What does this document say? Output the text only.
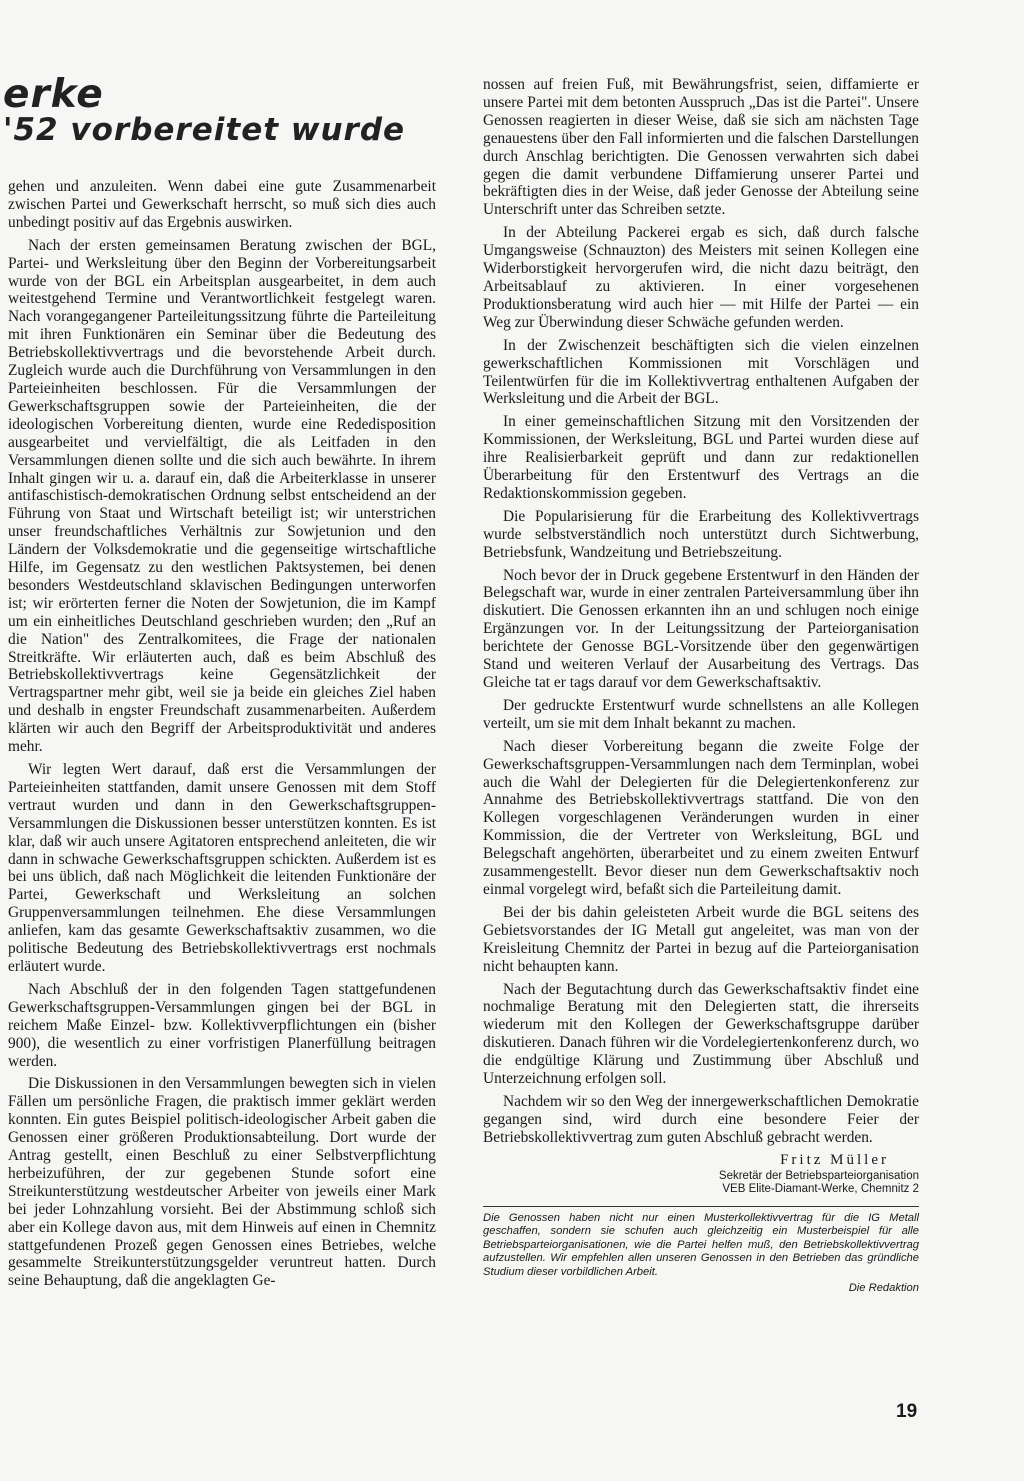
erke
'52 vorbereitet wurde

gehen und anzuleiten. Wenn dabei eine gute Zusammenarbeit zwischen Partei und Gewerkschaft herrscht, so muß sich dies auch unbedingt positiv auf das Ergebnis auswirken.

Nach der ersten gemeinsamen Beratung zwischen der BGL, Partei- und Werksleitung über den Beginn der Vorbereitungsarbeit wurde von der BGL ein Arbeitsplan ausgearbeitet, in dem auch weitestgehend Termine und Verantwortlichkeit festgelegt waren. Nach vorangegangener Parteileitungssitzung führte die Parteileitung mit ihren Funktionären ein Seminar über die Bedeutung des Betriebskollektivvertrags und die bevorstehende Arbeit durch. Zugleich wurde auch die Durchführung von Versammlungen in den Parteieinheiten beschlossen. Für die Versammlungen der Gewerkschaftsgruppen sowie der Parteieinheiten, die der ideologischen Vorbereitung dienten, wurde eine Rededisposition ausgearbeitet und vervielfältigt, die als Leitfaden in den Versammlungen dienen sollte und die sich auch bewährte. In ihrem Inhalt gingen wir u. a. darauf ein, daß die Arbeiterklasse in unserer antifaschistisch-demokratischen Ordnung selbst entscheidend an der Führung von Staat und Wirtschaft beteiligt ist; wir unterstrichen unser freundschaftliches Verhältnis zur Sowjetunion und den Ländern der Volksdemokratie und die gegenseitige wirtschaftliche Hilfe, im Gegensatz zu den westlichen Paktsystemen, bei denen besonders Westdeutschland sklavischen Bedingungen unterworfen ist; wir erörterten ferner die Noten der Sowjetunion, die im Kampf um ein einheitliches Deutschland geschrieben wurden; den „Ruf an die Nation" des Zentralkomitees, die Frage der nationalen Streitkräfte. Wir erläuterten auch, daß es beim Abschluß des Betriebskollektivvertrags keine Gegensätzlichkeit der Vertragspartner mehr gibt, weil sie ja beide ein gleiches Ziel haben und deshalb in engster Freundschaft zusammenarbeiten. Außerdem klärten wir auch den Begriff der Arbeitsproduktivität und anderes mehr.

Wir legten Wert darauf, daß erst die Versammlungen der Parteieinheiten stattfanden, damit unsere Genossen mit dem Stoff vertraut wurden und dann in den Gewerkschaftsgruppen-Versammlungen die Diskussionen besser unterstützen konnten. Es ist klar, daß wir auch unsere Agitatoren entsprechend anleiteten, die wir dann in schwache Gewerkschaftsgruppen schickten. Außerdem ist es bei uns üblich, daß nach Möglichkeit die leitenden Funktionäre der Partei, Gewerkschaft und Werksleitung an solchen Gruppenversammlungen teilnehmen. Ehe diese Versammlungen anliefen, kam das gesamte Gewerkschaftsaktiv zusammen, wo die politische Bedeutung des Betriebskollektivvertrags erst nochmals erläutert wurde.

Nach Abschluß der in den folgenden Tagen stattgefundenen Gewerkschaftsgruppen-Versammlungen gingen bei der BGL in reichem Maße Einzel- bzw. Kollektivverpflichtungen ein (bisher 900), die wesentlich zu einer vorfristigen Planerfüllung beitragen werden.

Die Diskussionen in den Versammlungen bewegten sich in vielen Fällen um persönliche Fragen, die praktisch immer geklärt werden konnten. Ein gutes Beispiel politisch-ideologischer Arbeit gaben die Genossen einer größeren Produktionsabteilung. Dort wurde der Antrag gestellt, einen Beschluß zu einer Selbstverpflichtung herbeizuführen, der zur gegebenen Stunde sofort eine Streikunterstützung westdeutscher Arbeiter von jeweils einer Mark bei jeder Lohnzahlung vorsieht. Bei der Abstimmung schloß sich aber ein Kollege davon aus, mit dem Hinweis auf einen in Chemnitz stattgefundenen Prozeß gegen Genossen eines Betriebes, welche gesammelte Streikunterstützungsgelder veruntreut hatten. Durch seine Behauptung, daß die angeklagten Ge-

nossen auf freien Fuß, mit Bewährungsfrist, seien, diffamierte er unsere Partei mit dem betonten Ausspruch „Das ist die Partei". Unsere Genossen reagierten in dieser Weise, daß sie sich am nächsten Tage genauestens über den Fall informierten und die falschen Darstellungen durch Anschlag berichtigten. Die Genossen verwahrten sich dabei gegen die damit verbundene Diffamierung unserer Partei und bekräftigten dies in der Weise, daß jeder Genosse der Abteilung seine Unterschrift unter das Schreiben setzte.

In der Abteilung Packerei ergab es sich, daß durch falsche Umgangsweise (Schnauzton) des Meisters mit seinen Kollegen eine Widerborstigkeit hervorgerufen wird, die nicht dazu beiträgt, den Arbeitsablauf zu aktivieren. In einer vorgesehenen Produktionsberatung wird auch hier — mit Hilfe der Partei — ein Weg zur Überwindung dieser Schwäche gefunden werden.

In der Zwischenzeit beschäftigten sich die vielen einzelnen gewerkschaftlichen Kommissionen mit Vorschlägen und Teilentwürfen für die im Kollektivvertrag enthaltenen Aufgaben der Werksleitung und die Arbeit der BGL.

In einer gemeinschaftlichen Sitzung mit den Vorsitzenden der Kommissionen, der Werksleitung, BGL und Partei wurden diese auf ihre Realisierbarkeit geprüft und dann zur redaktionellen Überarbeitung für den Erstentwurf des Vertrags an die Redaktionskommission gegeben.

Die Popularisierung für die Erarbeitung des Kollektivvertrags wurde selbstverständlich noch unterstützt durch Sichtwerbung, Betriebsfunk, Wandzeitung und Betriebszeitung.

Noch bevor der in Druck gegebene Erstentwurf in den Händen der Belegschaft war, wurde in einer zentralen Parteiversammlung über ihn diskutiert. Die Genossen erkannten ihn an und schlugen noch einige Ergänzungen vor. In der Leitungssitzung der Parteiorganisation berichtete der Genosse BGL-Vorsitzende über den gegenwärtigen Stand und weiteren Verlauf der Ausarbeitung des Vertrags. Das Gleiche tat er tags darauf vor dem Gewerkschaftsaktiv.

Der gedruckte Erstentwurf wurde schnellstens an alle Kollegen verteilt, um sie mit dem Inhalt bekannt zu machen.

Nach dieser Vorbereitung begann die zweite Folge der Gewerkschaftsgruppen-Versammlungen nach dem Terminplan, wobei auch die Wahl der Delegierten für die Delegiertenkonferenz zur Annahme des Betriebskollektivvertrags stattfand. Die von den Kollegen vorgeschlagenen Veränderungen wurden in einer Kommission, die der Vertreter von Werksleitung, BGL und Belegschaft angehörten, überarbeitet und zu einem zweiten Entwurf zusammengestellt. Bevor dieser nun dem Gewerkschaftsaktiv noch einmal vorgelegt wird, befaßt sich die Parteileitung damit.

Bei der bis dahin geleisteten Arbeit wurde die BGL seitens des Gebietsvorstandes der IG Metall gut angeleitet, was man von der Kreisleitung Chemnitz der Partei in bezug auf die Parteiorganisation nicht behaupten kann.

Nach der Begutachtung durch das Gewerkschaftsaktiv findet eine nochmalige Beratung mit den Delegierten statt, die ihrerseits wiederum mit den Kollegen der Gewerkschaftsgruppe darüber diskutieren. Danach führen wir die Vordelegiertenkonferenz durch, wo die endgültige Klärung und Zustimmung über Abschluß und Unterzeichnung erfolgen soll.

Nachdem wir so den Weg der innergewerkschaftlichen Demokratie gegangen sind, wird durch eine besondere Feier der Betriebskollektivvertrag zum guten Abschluß gebracht werden.

Fritz Müller
Sekretär der Betriebsparteiorganisation
VEB Elite-Diamant-Werke, Chemnitz 2
Die Genossen haben nicht nur einen Musterkollektivvertrag für die IG Metall geschaffen, sondern sie schufen auch gleichzeitig ein Musterbeispiel für alle Betriebsparteiorganisationen, wie die Partei helfen muß, den Betriebskollektivvertrag aufzustellen. Wir empfehlen allen unseren Genossen in den Betrieben das gründliche Studium dieser vorbildlichen Arbeit.

Die Redaktion

19
